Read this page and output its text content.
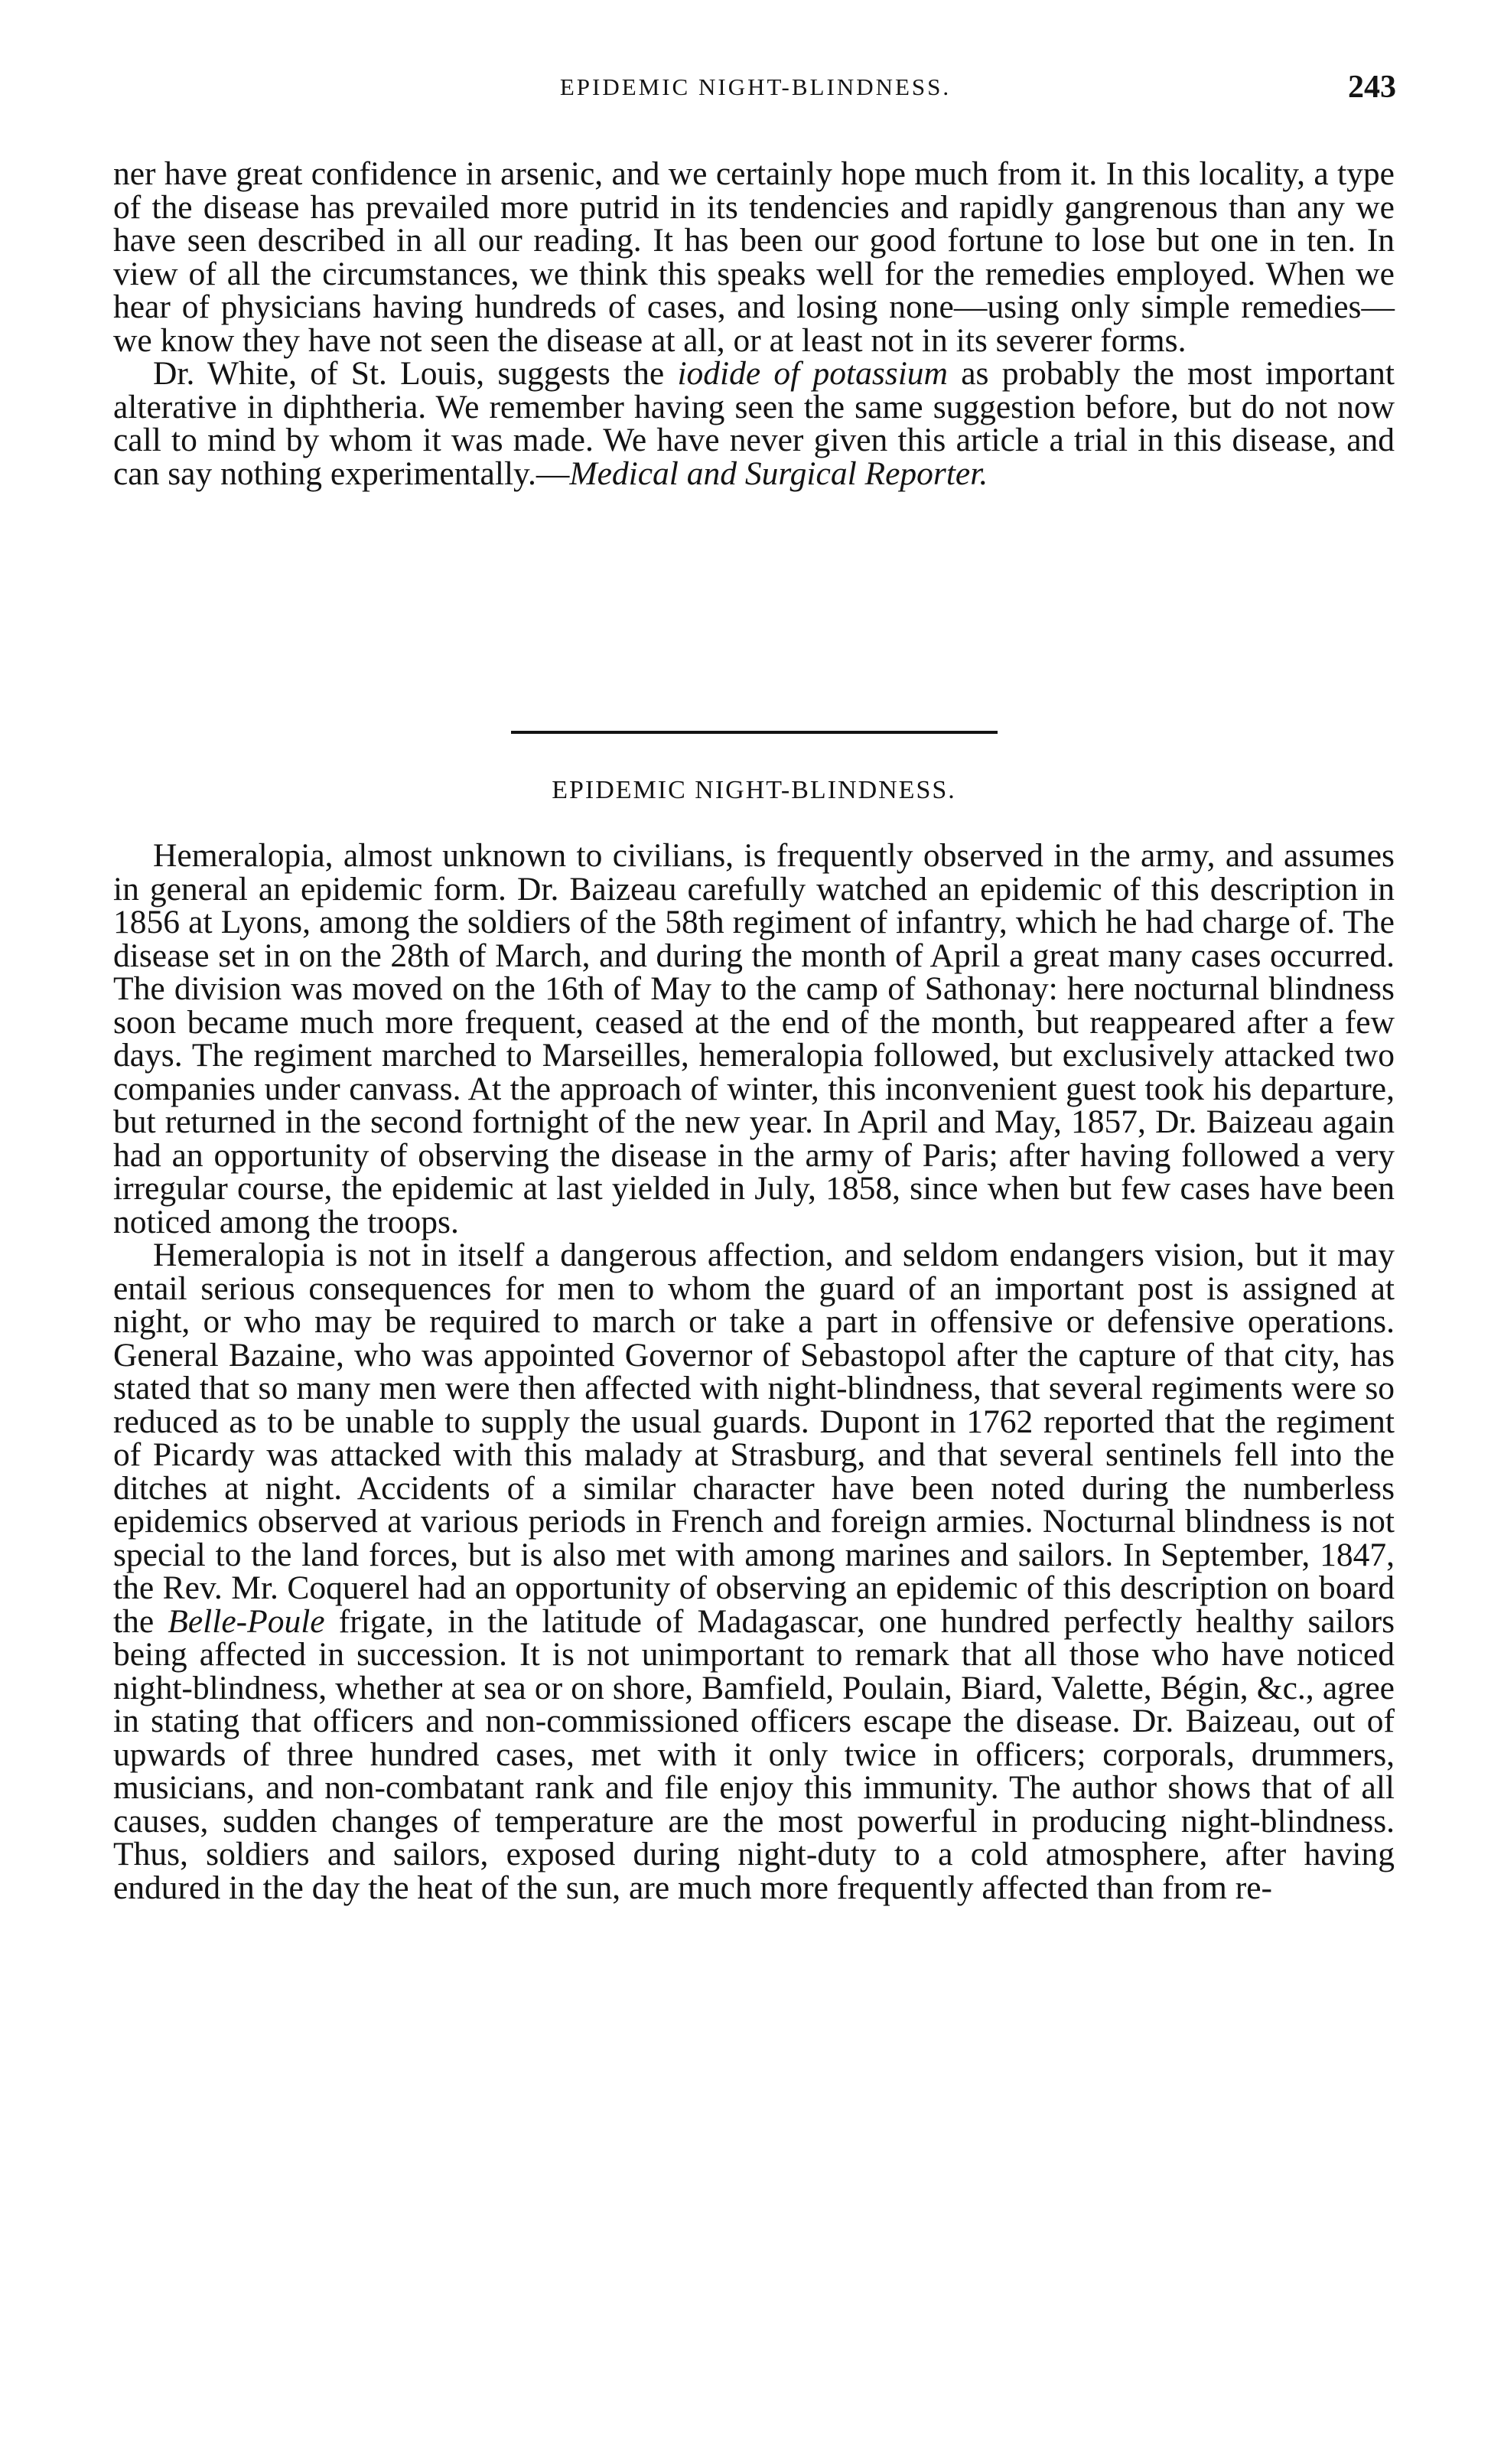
EPIDEMIC NIGHT-BLINDNESS.	243

ner have great confidence in arsenic, and we certainly hope much from it. In this locality, a type of the disease has prevailed more putrid in its tendencies and rapidly gangrenous than any we have seen described in all our reading. It has been our good fortune to lose but one in ten. In view of all the circumstances, we think this speaks well for the remedies employed. When we hear of physicians having hundreds of cases, and losing none—using only simple remedies—we know they have not seen the disease at all, or at least not in its severer forms.

Dr. White, of St. Louis, suggests the iodide of potassium as probably the most important alterative in diphtheria. We remember having seen the same suggestion before, but do not now call to mind by whom it was made. We have never given this article a trial in this disease, and can say nothing experimentally.—Medical and Surgical Reporter.

EPIDEMIC NIGHT-BLINDNESS.

Hemeralopia, almost unknown to civilians, is frequently observed in the army, and assumes in general an epidemic form. Dr. Baizeau carefully watched an epidemic of this description in 1856 at Lyons, among the soldiers of the 58th regiment of infantry, which he had charge of. The disease set in on the 28th of March, and during the month of April a great many cases occurred. The division was moved on the 16th of May to the camp of Sathonay: here nocturnal blindness soon became much more frequent, ceased at the end of the month, but reappeared after a few days. The regiment marched to Marseilles, hemeralopia followed, but exclusively attacked two companies under canvass. At the approach of winter, this inconvenient guest took his departure, but returned in the second fortnight of the new year. In April and May, 1857, Dr. Baizeau again had an opportunity of observing the disease in the army of Paris; after having followed a very irregular course, the epidemic at last yielded in July, 1858, since when but few cases have been noticed among the troops.

Hemeralopia is not in itself a dangerous affection, and seldom endangers vision, but it may entail serious consequences for men to whom the guard of an important post is assigned at night, or who may be required to march or take a part in offensive or defensive operations. General Bazaine, who was appointed Governor of Sebastopol after the capture of that city, has stated that so many men were then affected with night-blindness, that several regiments were so reduced as to be unable to supply the usual guards. Dupont in 1762 reported that the regiment of Picardy was attacked with this malady at Strasburg, and that several sentinels fell into the ditches at night. Accidents of a similar character have been noted during the numberless epidemics observed at various periods in French and foreign armies. Nocturnal blindness is not special to the land forces, but is also met with among marines and sailors. In September, 1847, the Rev. Mr. Coquerel had an opportunity of observing an epidemic of this description on board the Belle-Poule frigate, in the latitude of Madagascar, one hundred perfectly healthy sailors being affected in succession. It is not unimportant to remark that all those who have noticed night-blindness, whether at sea or on shore, Bamfield, Poulain, Biard, Valette, Bégin, &c., agree in stating that officers and non-commissioned officers escape the disease. Dr. Baizeau, out of upwards of three hundred cases, met with it only twice in officers; corporals, drummers, musicians, and non-combatant rank and file enjoy this immunity. The author shows that of all causes, sudden changes of temperature are the most powerful in producing night-blindness. Thus, soldiers and sailors, exposed during night-duty to a cold atmosphere, after having endured in the day the heat of the sun, are much more frequently affected than from re-
